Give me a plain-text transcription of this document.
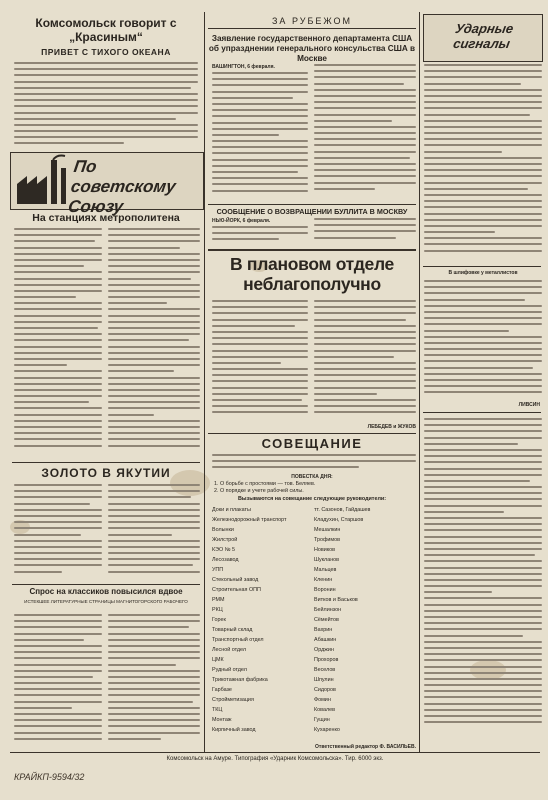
Комсомольск говорит с „Красиным“
ПРИВЕТ С ТИХОГО ОКЕАНА
По советскому Союзу
На станциях метрополитена
ЗОЛОТО В ЯКУТИИ
Спрос на классиков повысился вдвое
ИСТЕКШЕЕ ЛИТЕРАТУРНЫЕ СТРАНИЦЫ МАГНИТОГОРСКОГО РАБОЧЕГО
ЗА РУБЕЖОМ
Заявление государственного департамента США об упразднении генерального консульства США в Москве
ВАШИНГТОН, 6 февраля.
СООБЩЕНИЕ О ВОЗВРАЩЕНИИ БУЛЛИТА В МОСКВУ
НЬЮ-ЙОРК, 6 февраля.
В плановом отделе неблагополучно
ЛЕБЕДЕВ и ЖУКОВ
СОВЕЩАНИЕ
ПОВЕСТКА ДНЯ:
1. О борьбе с простоями — тов. Беляев.
2. О порядке и учете рабочей силы.
Вызываются на совещание следующие руководители:
Доки и плакаты
Железнодорожный транспорт
Волынки
Жилстрой
КЭО № 5
Лесозавод
УПП
Стекольный завод
Строительная ОПП
РММ
РКЦ
Горек
Товарный склад
Транспортный отдел
Лесной отдел
ЦМК
Рудный отдел
Трикотажная фабрика
Гарбазе
Стройметизация
ТКЦ
Монтаж
Кирпичный завод
тт. Сазонов, Гайдашев
Кладухин, Старшов
Мешалкин
Трофимов
Новиков
Шукланов
Мальцев
Кленин
Воронин
Витков и Васьков
Бейлинзон
Сёмейтов
Вахрин
Абашкин
Орджин
Прохоров
Веселов
Шпулин
Сидоров
Фомин
Ковалев
Гущин
Кухаренко
Ответственный редактор Ф. ВАСИЛЬЕВ.
Ударные сигналы
В шлифовке у металлистов
ЛИВСИН
Комсомольск на Амуре. Типография «Ударник Комсомольска». Тир. 6000 экз.
КРАЙКП-9594/32
